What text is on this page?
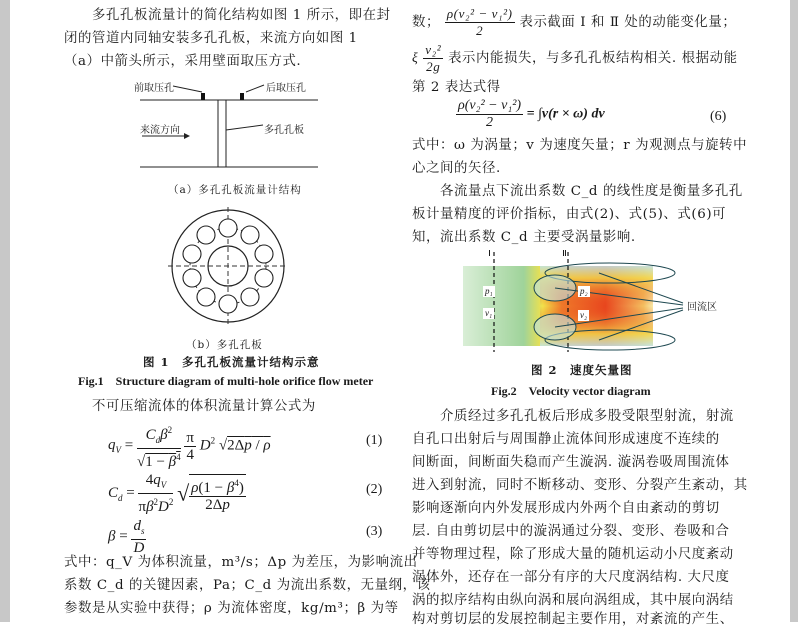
多孔孔板流量计的简化结构如图 1 所示，即在封
闭的管道内同轴安装多孔孔板，来流方向如图 1
（a）中箭头所示，采用壁面取压方式.
前取压孔	后取压孔
来流方向	多孔孔板
（a）多孔孔板流量计结构
（b）多孔孔板
图 1　多孔孔板流量计结构示意
Fig.1　Structure diagram of multi-hole orifice flow meter
不可压缩流体的体积流量计算公式为
$q_V = \frac{C_d\beta^2}{√1 - \beta^4}$
$\frac{\pi}{4} D^2$ √2Δp / ρ	(1)
$C_d = \frac{4q_V}{\pi\beta^2D^2}$ √ $\frac{\rho(1 - \beta^4)}{2\Delta p}$	(2)
$\beta = \frac{d_s}{D}$	(3)
式中：q_V 为体积流量，m³/s；Δp 为差压，为影响流出
系数 C_d 的关键因素，Pa；C_d 为流出系数，无量纲，该
参数是从实验中获得；ρ 为流体密度，kg/m³；β 为等
数； $\frac{\text{ρ(v₂² − v₁²)}}{2}$ 表示截面 Ⅰ 和 Ⅱ 处的动能变化量；
ξ $\frac{\text{v₂²}}{2g}$ 表示内能损失，与多孔孔板结构相关. 根据动能
第 2 表达式得
$\frac{\text{ρ(v₂² − v₁²)}}{2} = \int v(r \times \omega)$ dv	(6)
式中：ω 为涡量；v 为速度矢量；r 为观测点与旋转中
心之间的矢径.
各流量点下流出系数 C_d 的线性度是衡量多孔孔
板计量精度的评价指标，由式(2)、式(5)、式(6)可
知，流出系数 C_d 主要受涡量影响.
Ⅰ	Ⅱ
p₁
v₁
p₂
v₂
回流区
图 2　速度矢量图
Fig.2　Velocity vector diagram
介质经过多孔孔板后形成多股受限型射流，射流
自孔口出射后与周围静止流体间形成速度不连续的
间断面，间断面失稳而产生漩涡. 漩涡卷吸周围流体
进入到射流，同时不断移动、变形、分裂产生紊动，其
影响逐渐向内外发展形成内外两个自由紊动的剪切
层. 自由剪切层中的漩涡通过分裂、变形、卷吸和合
并等物理过程，除了形成大量的随机运动小尺度紊动
涡体外，还存在一部分有序的大尺度涡结构. 大尺度
涡的拟序结构由纵向涡和展向涡组成，其中展向涡结
构对剪切层的发展控制起主要作用，对紊流的产生、
